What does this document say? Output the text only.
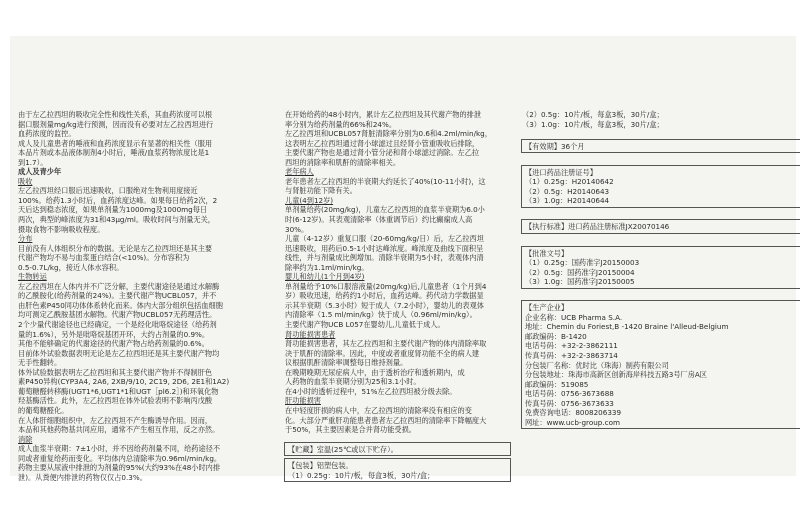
由于左乙拉西坦的吸收完全性和线性关系，其血药浓度可以根

据口服剂量mg/kg进行预测，因而没有必要对左乙拉西坦进行

血药浓度的监控。

成人及儿童患者的唾液和血药浓度显示有显著的相关性（服用

本品片剂或本品液体制剂4小时后，唾液/血浆药物浓度比是1

到1.7）。

成人及青少年

吸收

左乙拉西坦经口服后迅速吸收，口服绝对生物利用度接近

100%。给药1.3小时后，血药浓度达峰。如果每日给药2次，2

天后达到稳态浓度，如果单剂量为1000mg及1000mg每日

两次，典型的峰浓度为31和43μg/ml。吸收时间与剂量无关，

摄取食物不影响吸收程度。

分布

目前没有人体组织分布的数据。无论是左乙拉西坦还是其主要

代谢产物均不易与血浆蛋白结合(<10%)。分布容积为

0.5-0.7L/kg，接近人体水容积。

生物转运

左乙拉西坦在人体内并不广泛分解，主要代谢途径是通过水解酶

的乙酰胺化(给药剂量的24%)。主要代谢产物UCBL057，并不

由肝色素P450同功体体系转化而来。体内大部分组织包括血细胞

均可测定乙酰胺基团水解物。代谢产物UCBL057无药理活性。

2个少量代谢途径也已经确定，一个是经化吡咯烷途径（给药剂

量的1.6%），另外是吡咯烷基团开环，大约占剂量的0.9%。

其他不能够确定的代谢途径的代谢产物占给药剂量的0.6%。

目前体外试验数据表明无论是左乙拉西坦还是其主要代谢产物均

无手性翻转。

体外试验数据表明左乙拉西坦和其主要代谢产物并不得制肝色

素P450异构(CYP3A4, 2A6, 2XB/9/10, 2C19, 2D6, 2E1和1A2)

葡萄糖醛转移酶(UGT1*6,UGT1*1和UGT［pl6.2］)和环氧化物

羟基酶活性。此外，左乙拉西坦在体外试验表明不影响丙戊酸

的葡萄糖醛化。

在人体肝细胞组织中，左乙拉西坦不产生酶诱导作用。因而，

本品和其他药物基共同应用，通常不产生相互作用，反之亦然。

消除

成人血浆半衰期：7±1小时，并不因给药剂量不同，给药途径不

同或者重复给药而变化。平均体内总清除率为0.96ml/min/kg。

药物主要从尿液中排泄的为剂量的95%(大约93%在48小时内排

泄)。从粪便内排泄的药物仅仅占0.3%。

在开始给药的48小时内，累计左乙拉西坦及其代谢产物的排泄

率分别为给药剂量的66%和24%。

左乙拉西坦和UCBL057肾脏清除率分别为0.6和4.2ml/min/kg，

这表明左乙拉西坦通过肾小球滤过且经肾小管重吸收后排除，

主要代谢产物也是通过肾小管分泌和肾小球滤过消除。左乙拉

西坦的消除率和肌酐的清除率相关。

老年病人

老年患者左乙拉西坦的半衰期大约延长了40%(10-11小时)，这

与肾脏功能下降有关。

儿童(4到12岁)

单剂量给药(20mg/kg)，儿童左乙拉西坦的血浆半衰期为6.0小

时(6-12岁)。其表观清除率（体重调节后）约比癫痫成人高

30%。

儿童（4-12岁）重复口服（20-60mg/kg/日）后，左乙拉西坦

迅速吸收，用药后0.5-1小时达峰浓度。峰浓度及曲线下面积呈

线性，并与剂量成比例增加。清除半衰期为5小时，表观体内清

除率约为1.1ml/min/kg。

婴儿和幼儿(1个月到4岁)

单剂量给予10%口服溶液量(20mg/kg)后,儿童患者（1个月到4

岁）吸收迅速，给药约1小时后，血药达峰。药代动力学数据显

示其半衰期（5.3小时）短于成人（7.2小时），婴幼儿的表观体

内清除率（1.5 ml/min/kg）快于成人（0.96ml/min/kg）。

主要代谢产物UCB L057在婴幼儿,儿童低于成人。

肾功能损害患者

肾功能损害患者，其左乙拉西坦和主要代谢产物的体内清除率取

决于肌酐的清除率。因此，中度或者重度肾功能不全的病人建

议根据肌酐清除率调整每日维持剂量。

在晚期晚期无尿症病人中，由于透析治疗和透析期内，成

人药物的血浆半衰期分别为25和3.1小时。

在4小时的透析过程中，51%左乙拉西坦被分级去除。

肝功能损害

在中轻度肝损的病人中，左乙拉西坦的清除率没有相应的变

化。大部分严重肝功能患者患者左乙拉西坦的清除率下降幅度大

于50%，其主要因素是合并肾功能受损。

【贮藏】室温(25℃或以下贮存）。

【包装】铝塑包装。

（1）0.25g：10片/板，每盒3板，30片/盒；

（2）0.5g：10片/板，每盒3板，30片/盒；

（3）1.0g：10片/板，每盒3板，30片/盒；

【有效期】36个月

【进口药品注册证号】

（1）0.25g：H20140642

（2）0.5g：H20140643

（3）1.0g：H20140644

【执行标准】进口药品注册标准JX20070146

【批准文号】

（1）0.25g：国药准字J20150003

（2）0.5g：国药准字J20150004

（3）1.0g：国药准字J20150005

【生产企业】

企业名称：UCB Pharma S.A.

地址：Chemin du Foriest,B -1420 Braine l'Alleud-Belgium

邮政编码：B-1420

电话号码：+32-2-3862111

传真号码：+32-2-3863714

分包装厂名称：优时比（珠海）制药有限公司

分包装地址：珠海市高新区创新海岸科技五路3号厂房A区

邮政编码：519085

电话号码：0756-3673688

传真号码：0756-3673633

免费咨询电话：8008206339

网址：www.ucb-group.com
